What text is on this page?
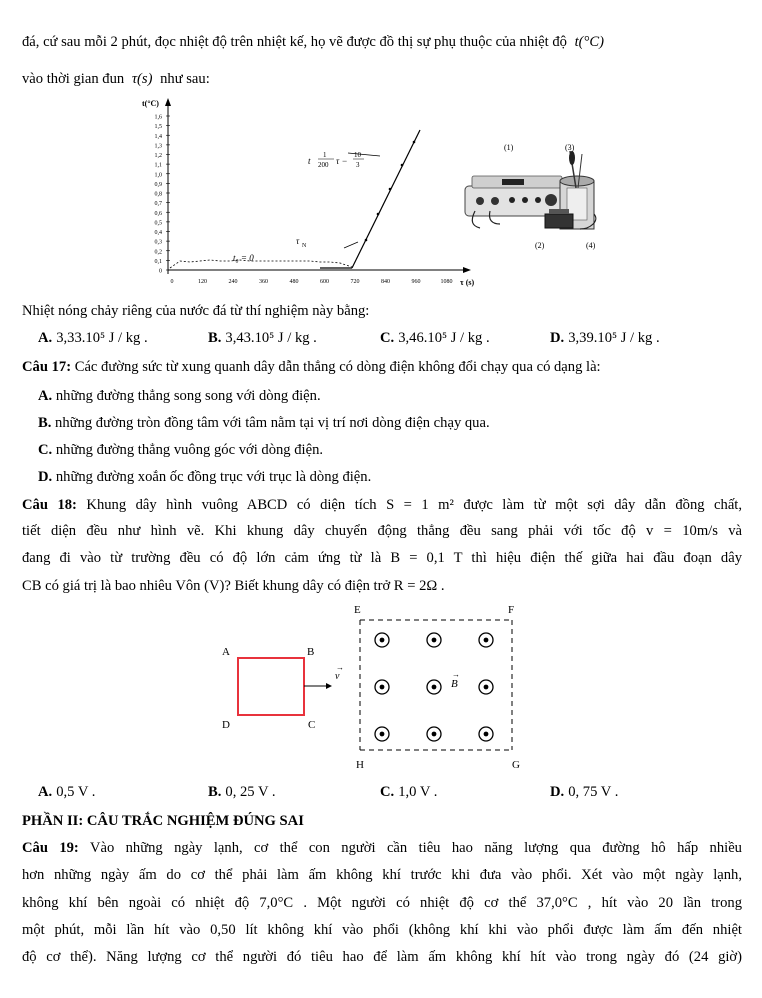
đá, cứ sau mỗi 2 phút, đọc nhiệt độ trên nhiệt kế, họ vẽ được đồ thị sự phụ thuộc của nhiệt độ t(°C)
vào thời gian đun τ(s) như sau:
t(°C)
τ (s)
1,6
1,5
1,4
1,3
1,2
1,1
1,0
0,9
0,8
0,7
0,6
0,5
0,4
0,3
0,2
0,1
0
0	120	240	360	480	600	720	840	960	1080
t
1
200 τ −
10
3
τ N
t₀ = 0
(1)	(3)
(2)	(4)
Nhiệt nóng chảy riêng của nước đá từ thí nghiệm này bằng:
A. 3,33.10⁵ J / kg .	B. 3,43.10⁵ J / kg .	C. 3,46.10⁵ J / kg .	D. 3,39.10⁵ J / kg .
Câu 17: Các đường sức từ xung quanh dây dẫn thẳng có dòng điện không đổi chạy qua có dạng là:
A. những đường thẳng song song với dòng điện.
B. những đường tròn đồng tâm với tâm nằm tại vị trí nơi dòng điện chạy qua.
C. những đường thẳng vuông góc với dòng điện.
D. những đường xoắn ốc đồng trục với trục là dòng điện.
Câu 18: Khung dây hình vuông ABCD có diện tích S = 1 m² được làm từ một sợi dây dẫn đồng chất,
tiết diện đều như hình vẽ. Khi khung dây chuyển động thẳng đều sang phải với tốc độ v = 10m/s và
đang đi vào từ trường đều có độ lớn cảm ứng từ là B = 0,1 T thì hiệu điện thế giữa hai đầu đoạn dây
CB có giá trị là bao nhiêu Vôn (V)? Biết khung dây có điện trở R = 2Ω .
A	B
D	C
v
→
E	F
H	G
B
→
A. 0,5 V .	B. 0, 25 V .	C. 1,0 V .	D. 0, 75 V .
PHẦN II: CÂU TRẮC NGHIỆM ĐÚNG SAI
Câu 19: Vào những ngày lạnh, cơ thể con người cần tiêu hao năng lượng qua đường hô hấp nhiều
hơn những ngày ấm do cơ thể phải làm ấm không khí trước khi đưa vào phổi. Xét vào một ngày lạnh,
không khí bên ngoài có nhiệt độ 7,0°C . Một người có nhiệt độ cơ thể 37,0°C , hít vào 20 lần trong
một phút, mỗi lần hít vào 0,50 lít không khí vào phổi (không khí khi vào phổi được làm ấm đến nhiệt
độ cơ thể). Năng lượng cơ thể người đó tiêu hao để làm ấm không khí hít vào trong ngày đó (24 giờ)
